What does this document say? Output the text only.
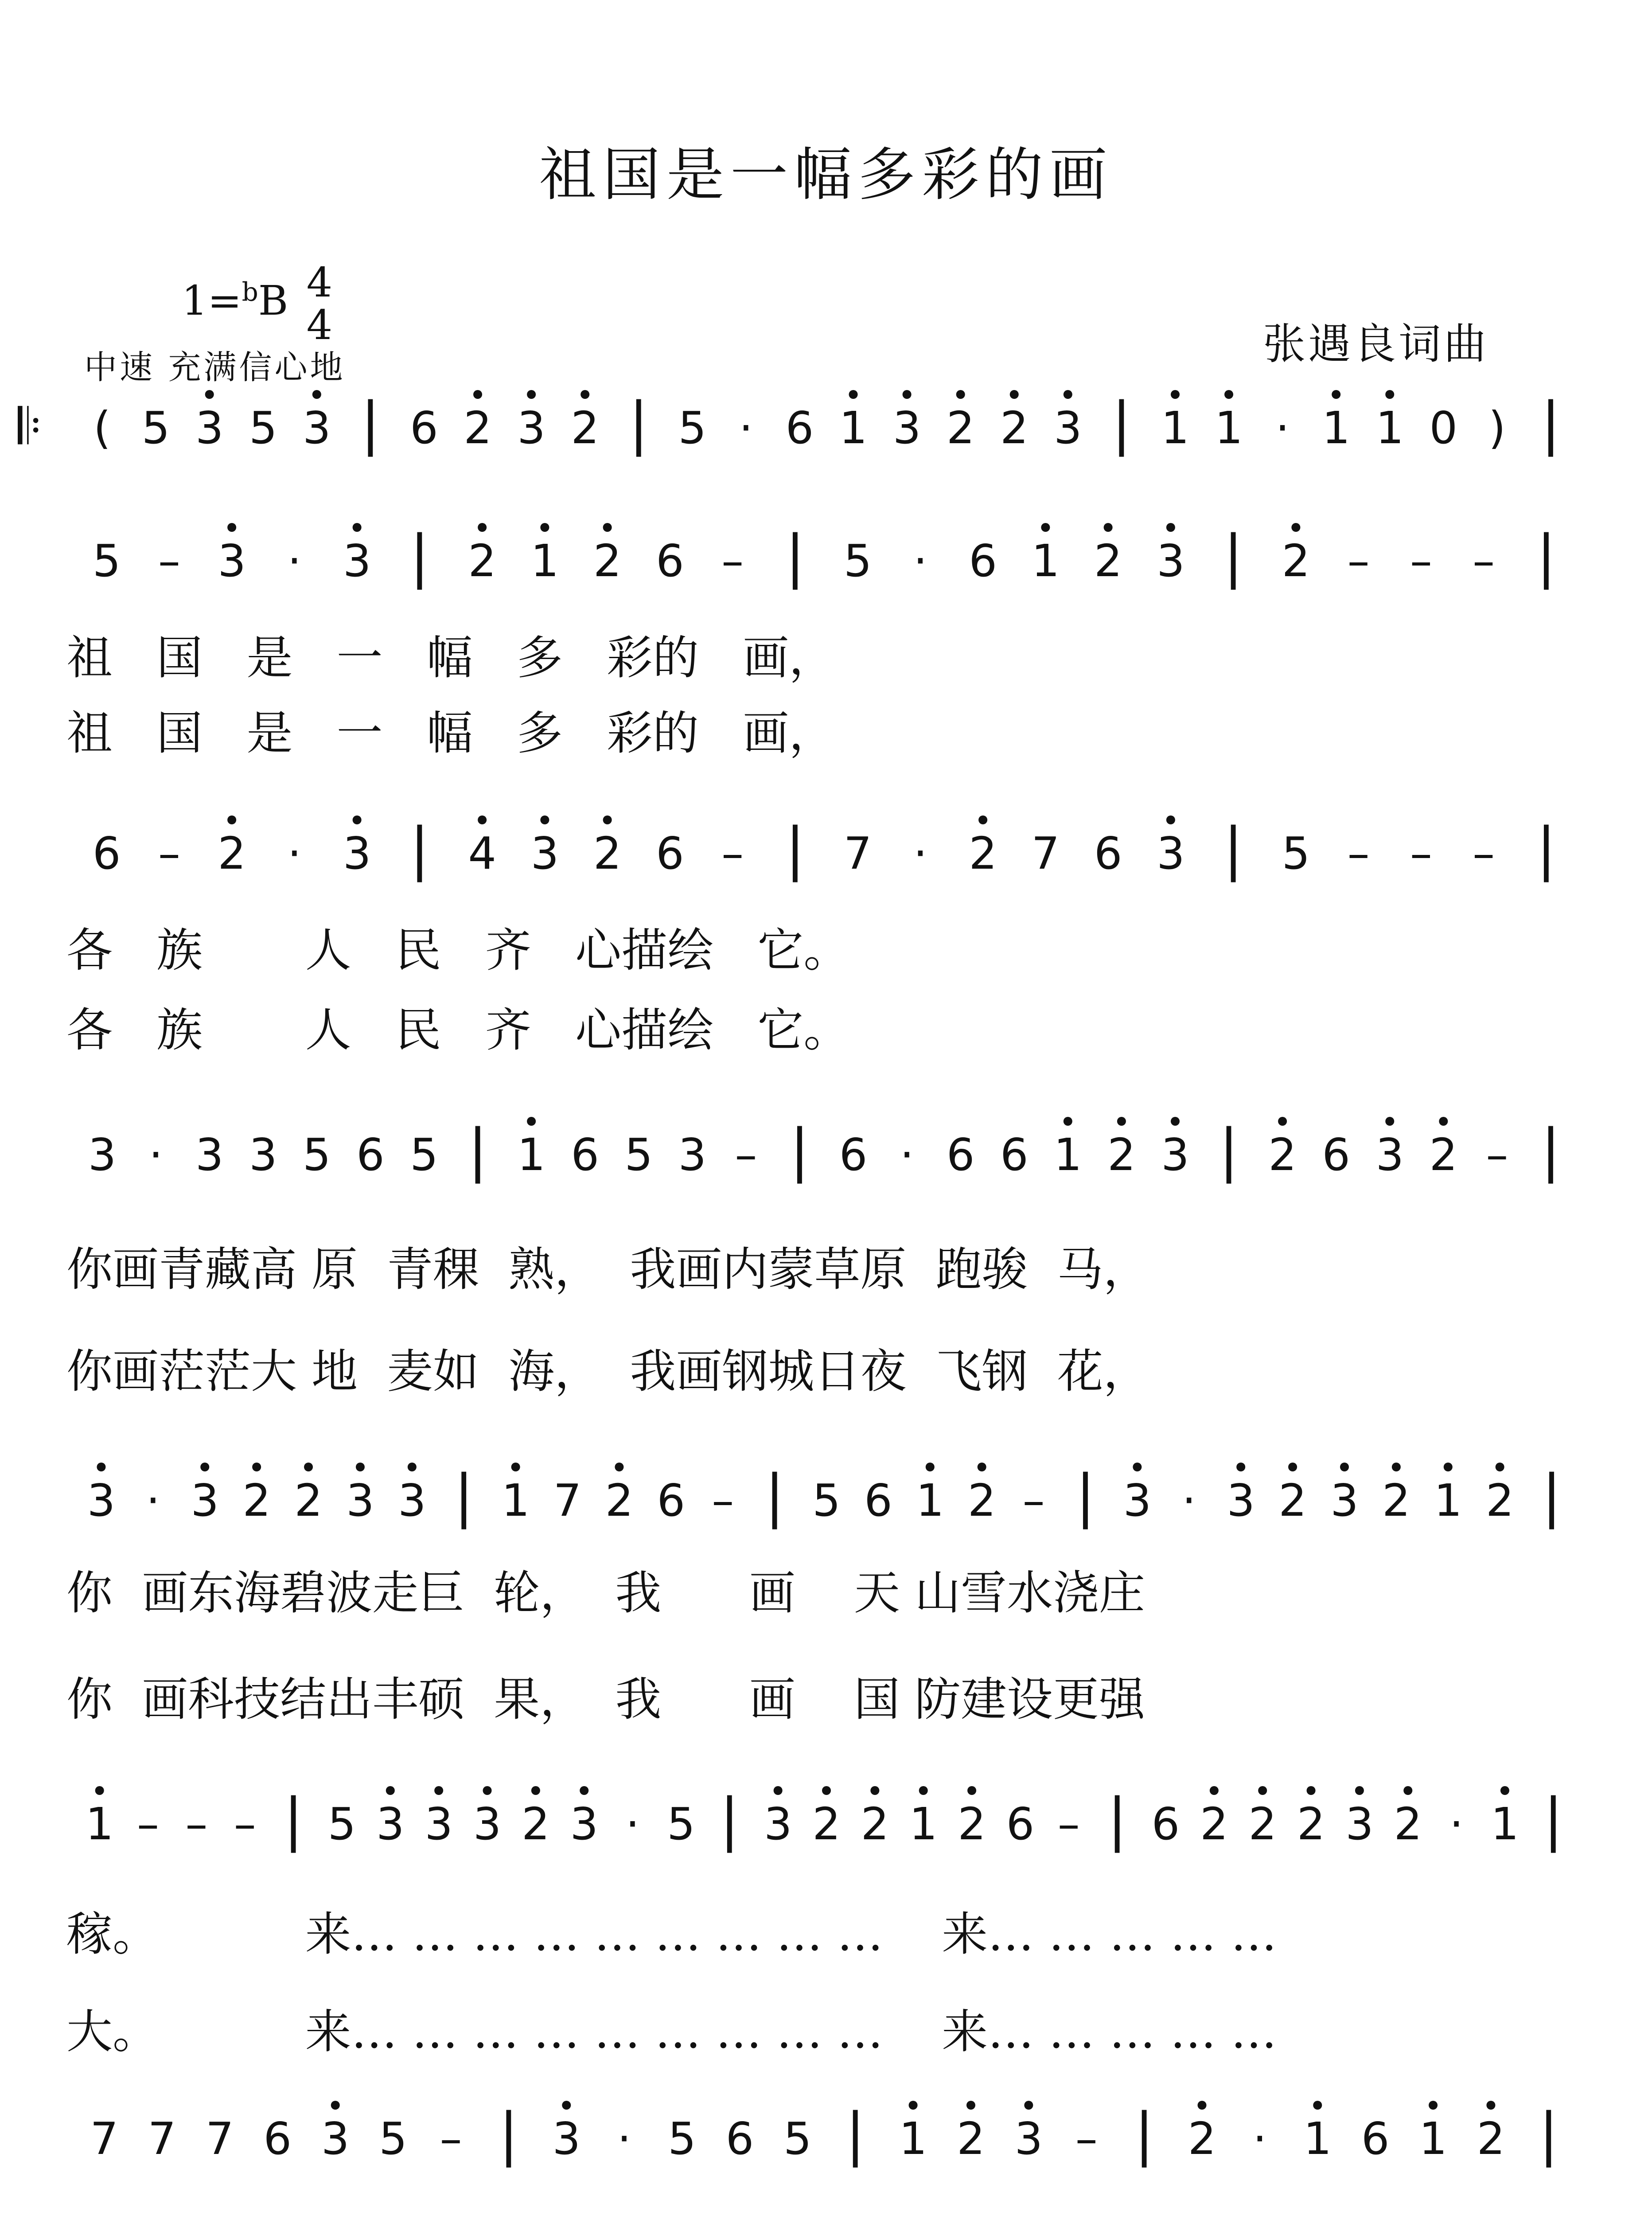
祖国是一幅多彩的画
1=$^b$B 4
4
中速 充满信心地	张遇良词曲
𝄆 ( 5 3 5 3 | 6 2 3 2 | 5 · 6 1 3 2 2 3 | 1 1 · 1 1 0 ) |
5 – 3 · 3 | 2 1 2 6 – | 5 · 6 1 2 3 | 2 – – – |
6 – 2 · 3 | 4 3 2 6 – | 7 · 2 7 6 3 | 5 – – – |
3 · 3 3 5 6 5 | 1 6 5 3 – | 6 · 6 6 1 2 3 | 2 6 3 2 – |
3 · 3 2 2 3 3 | 1 7 2 6 – | 5 6 1 2 – | 3 · 3 2 3 2 1 2 |
1 – – – | 5 3 3 3 2 3 · 5 | 3 2 2 1 2 6 – | 6 2 2 2 3 2 · 1 |
7 7 7 6 3 5 – | 3 · 5 6 5 | 1 2 3 – | 2 · 1 6 1 2 |
祖   国   是   一   幅   多   彩的   画，
祖   国   是   一   幅   多   彩的   画，
各   族       人   民   齐   心描绘   它。
各   族       人   民   齐   心描绘   它。
你画青藏高 原  青稞  熟，  我画内蒙草原  跑骏  马，
你画茫茫大 地  麦如  海，  我画钢城日夜  飞钢  花，
你  画东海碧波走巨  轮，  我      画    天 山雪水浇庄
你  画科技结出丰硕  果，  我      画    国 防建设更强
稼。          来… … … … … … … … …    来… … … … …
大。          来… … … … … … … … …    来… … … … …
